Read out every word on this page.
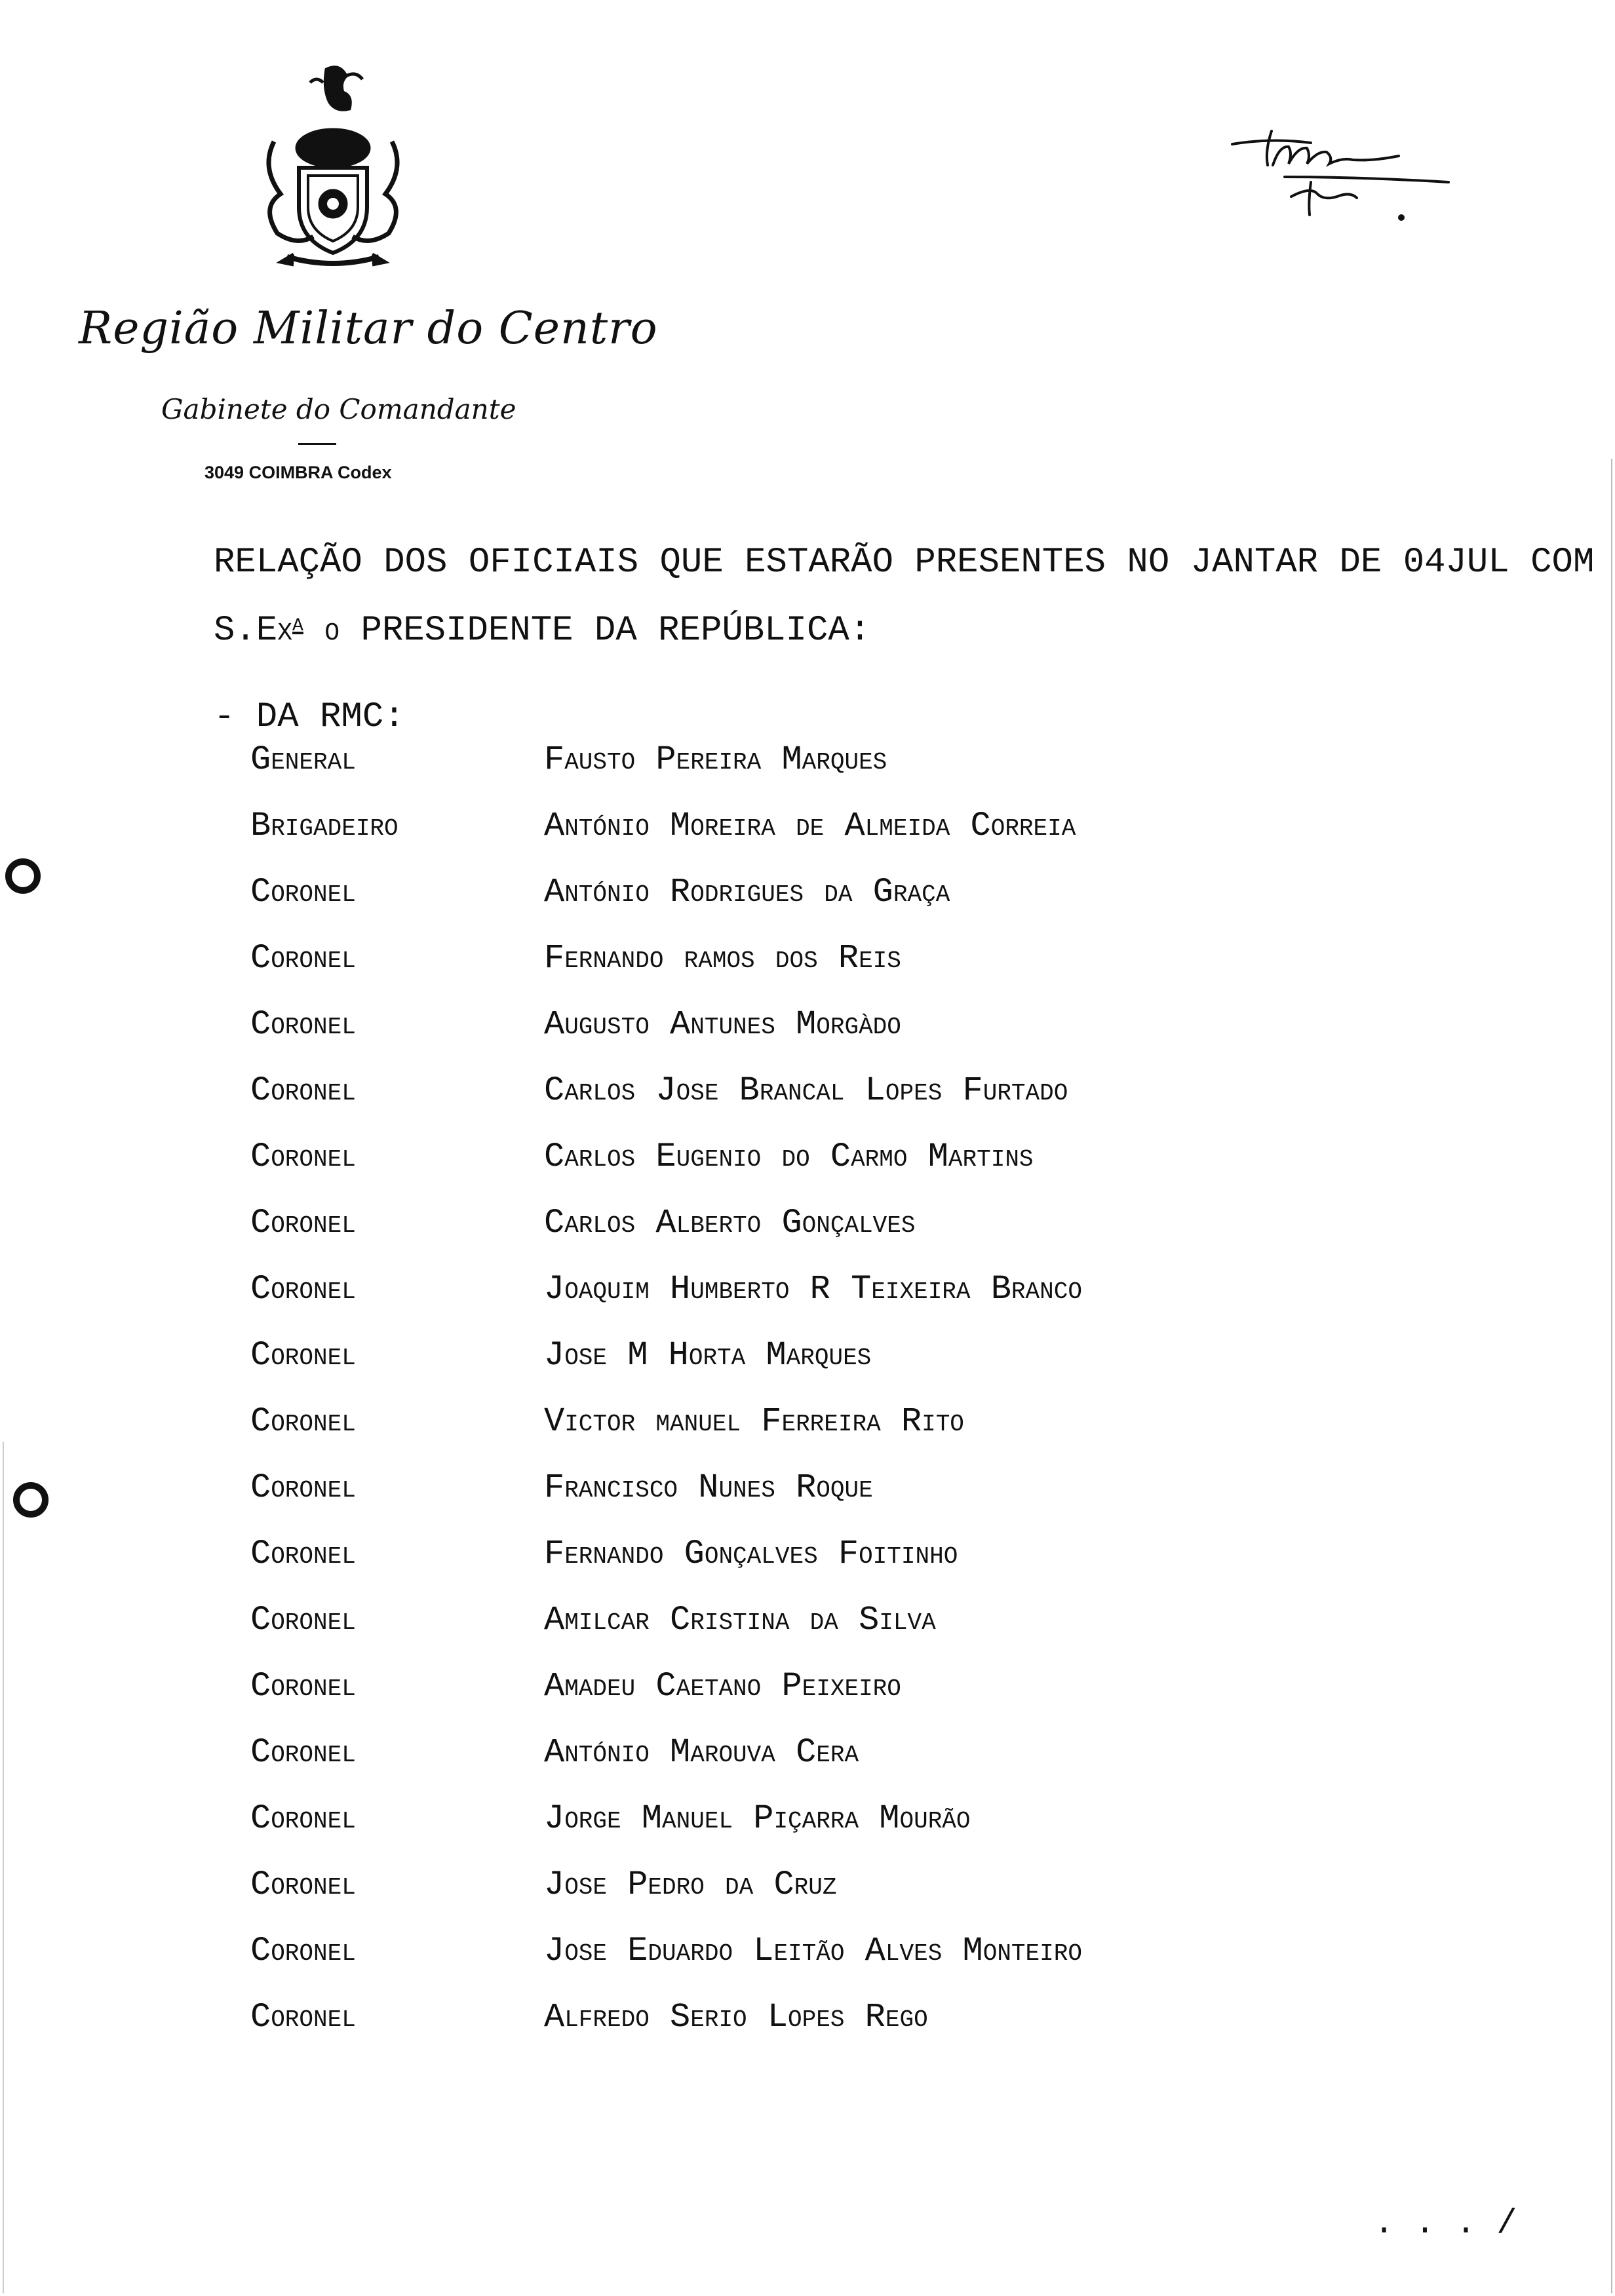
Região Militar do Centro
Gabinete do Comandante
3049 COIMBRA Codex
RELAÇÃO DOS OFICIAIS QUE ESTARÃO PRESENTES NO JANTAR DE 04JUL COM
S.Ex$^a$ o PRESIDENTE DA REPÚBLICA:
- DA RMC:
General	Fausto Pereira Marques
Brigadeiro	António Moreira de Almeida Correia
Coronel	António Rodrigues da Graça
Coronel	Fernando ramos dos Reis
Coronel	Augusto Antunes Morgàdo
Coronel	Carlos Jose Brancal Lopes Furtado
Coronel	Carlos Eugenio do Carmo Martins
Coronel	Carlos Alberto Gonçalves
Coronel	Joaquim Humberto R Teixeira Branco
Coronel	Jose M Horta Marques
Coronel	Victor manuel Ferreira Rito
Coronel	Francisco Nunes Roque
Coronel	Fernando Gonçalves Foitinho
Coronel	Amilcar Cristina da Silva
Coronel	Amadeu Caetano Peixeiro
Coronel	António Marouva Cera
Coronel	Jorge Manuel Piçarra Mourão
Coronel	Jose Pedro da Cruz
Coronel	Jose Eduardo Leitão Alves Monteiro
Coronel	Alfredo Serio Lopes Rego
. . . /
